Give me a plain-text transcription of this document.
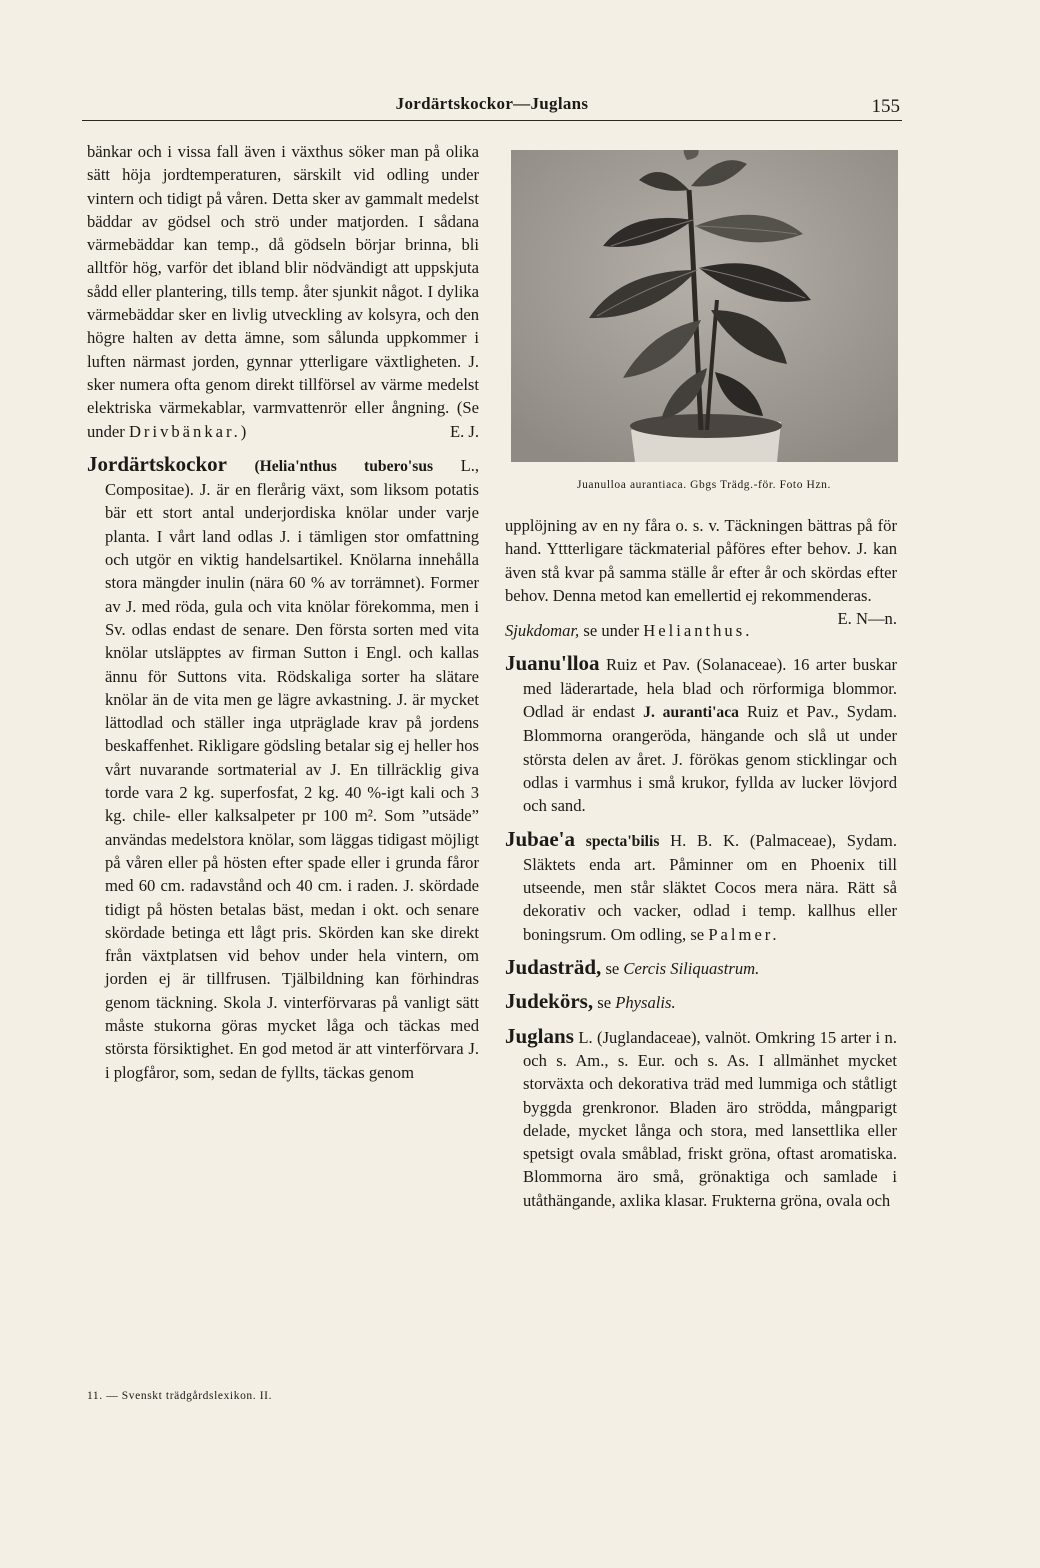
Jordärtskockor—Juglans	155

bänkar och i vissa fall även i växthus söker man på olika sätt höja jordtemperaturen, särskilt vid odling under vintern och tidigt på våren. Detta sker av gammalt medelst bäddar av gödsel och strö under matjorden. I sådana värmebäddar kan temp., då gödseln börjar brinna, bli alltför hög, varför det ibland blir nödvändigt att uppskjuta sådd eller plantering, tills temp. åter sjunkit något. I dylika värmebäddar sker en livlig utveckling av kolsyra, och den högre halten av detta ämne, som sålunda uppkommer i luften närmast jorden, gynnar ytterligare växtligheten. J. sker numera ofta genom direkt tillförsel av värme medelst elektriska värmekablar, varmvattenrör eller ångning. (Se under Drivbänkar.)	E. J.

Jordärtskockor (Helia'nthus tubero'sus L., Compositae). J. är en flerårig växt, som liksom potatis bär ett stort antal underjordiska knölar under varje planta. I vårt land odlas J. i tämligen stor omfattning och utgör en viktig handelsartikel. Knölarna innehålla stora mängder inulin (nära 60 % av torrämnet). Former av J. med röda, gula och vita knölar förekomma, men i Sv. odlas endast de senare. Den första sorten med vita knölar utsläpptes av firman Sutton i Engl. och kallas ännu för Suttons vita. Rödskaliga sorter ha slätare knölar än de vita men ge lägre avkastning. J. är mycket lättodlad och ställer inga utpräglade krav på jordens beskaffenhet. Rikligare gödsling betalar sig ej heller hos vårt nuvarande sortmaterial av J. En tillräcklig giva torde vara 2 kg. superfosfat, 2 kg. 40 %-igt kali och 3 kg. chile- eller kalksalpeter pr 100 m². Som ”utsäde” användas medelstora knölar, som läggas tidigast möjligt på våren eller på hösten efter spade eller i grunda fåror med 60 cm. radavstånd och 40 cm. i raden. J. skördade tidigt på hösten betalas bäst, medan i okt. och senare skördade betinga ett lågt pris. Skörden kan ske direkt från växtplatsen vid behov under hela vintern, om jorden ej är tillfrusen. Tjälbildning kan förhindras genom täckning. Skola J. vinterförvaras på vanligt sätt måste stukorna göras mycket låga och täckas med största försiktighet. En god metod är att vinterförvara J. i plogfåror, som, sedan de fyllts, täckas genom

Juanulloa aurantiaca. Gbgs Trädg.-för. Foto Hzn.

upplöjning av en ny fåra o. s. v. Täckningen bättras på för hand. Yttterligare täckmaterial påföres efter behov. J. kan även stå kvar på samma ställe år efter år och skördas efter behov. Denna metod kan emellertid ej rekommenderas.
E. N—n.

Sjukdomar, se under Helianthus.

Juanu'lloa Ruiz et Pav. (Solanaceae). 16 arter buskar med läderartade, hela blad och rörformiga blommor. Odlad är endast J. auranti'aca Ruiz et Pav., Sydam. Blommorna orangeröda, hängande och slå ut under största delen av året. J. förökas genom sticklingar och odlas i varmhus i små krukor, fyllda av lucker lövjord och sand.

Jubae'a specta'bilis H. B. K. (Palmaceae), Sydam. Släktets enda art. Påminner om en Phoenix till utseende, men står släktet Cocos mera nära. Rätt så dekorativ och vacker, odlad i temp. kallhus eller boningsrum. Om odling, se Palmer.

Judasträd, se Cercis Siliquastrum.

Judekörs, se Physalis.

Juglans L. (Juglandaceae), valnöt. Omkring 15 arter i n. och s. Am., s. Eur. och s. As. I allmänhet mycket storväxta och dekorativa träd med lummiga och ståtligt byggda grenkronor. Bladen äro strödda, mångparigt delade, mycket långa och stora, med lansettlika eller spetsigt ovala småblad, friskt gröna, oftast aromatiska. Blommorna äro små, grönaktiga och samlade i utåthängande, axlika klasar. Frukterna gröna, ovala och

11. — Svenskt trädgårdslexikon. II.
